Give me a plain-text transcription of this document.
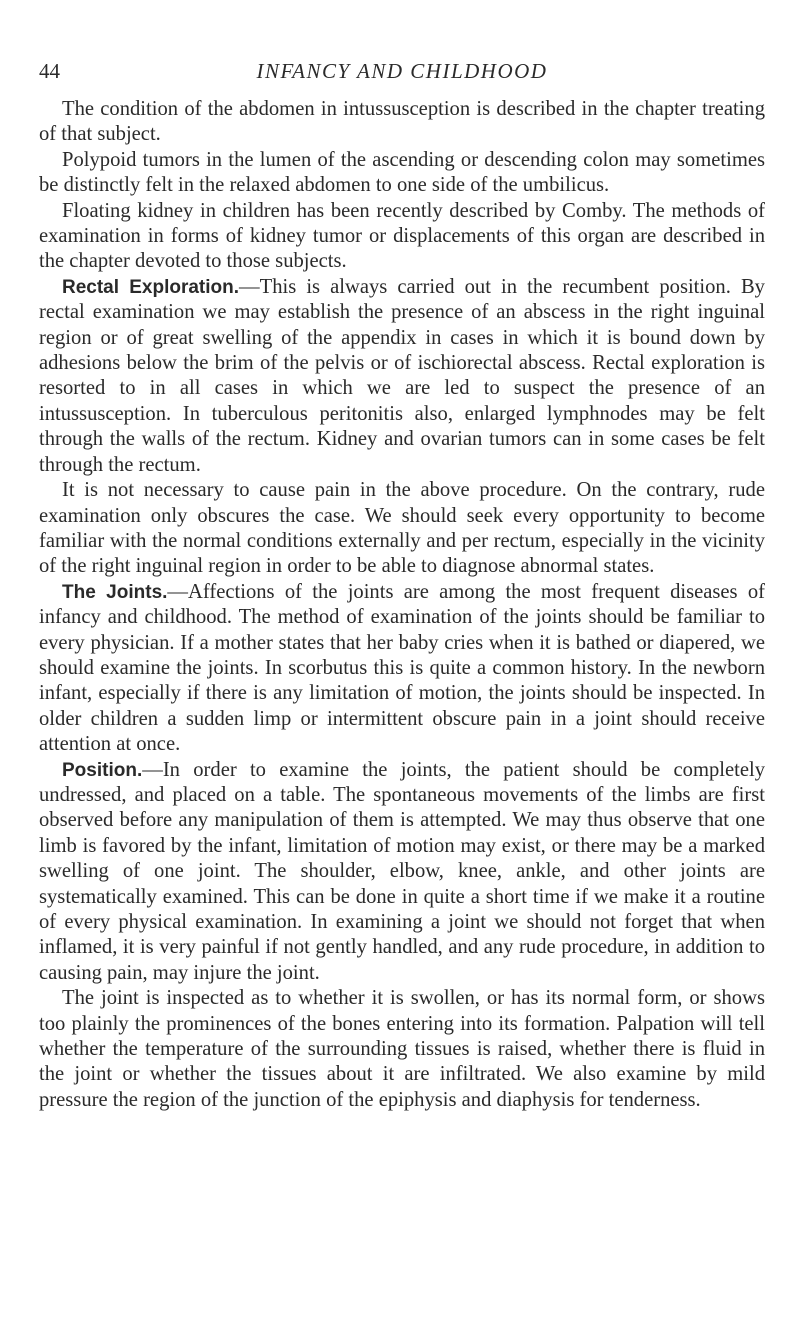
44	INFANCY AND CHILDHOOD

The condition of the abdomen in intussusception is described in the chapter treating of that subject.

Polypoid tumors in the lumen of the ascending or descending colon may sometimes be distinctly felt in the relaxed abdomen to one side of the umbilicus.

Floating kidney in children has been recently described by Comby. The methods of examination in forms of kidney tumor or displacements of this organ are described in the chapter devoted to those subjects.

Rectal Exploration.—This is always carried out in the recumbent position. By rectal examination we may establish the presence of an abscess in the right inguinal region or of great swelling of the appendix in cases in which it is bound down by adhesions below the brim of the pelvis or of ischiorectal abscess. Rectal exploration is resorted to in all cases in which we are led to suspect the presence of an intussusception. In tuberculous peritonitis also, enlarged lymphnodes may be felt through the walls of the rectum. Kidney and ovarian tumors can in some cases be felt through the rectum.

It is not necessary to cause pain in the above procedure. On the contrary, rude examination only obscures the case. We should seek every opportunity to become familiar with the normal conditions externally and per rectum, especially in the vicinity of the right inguinal region in order to be able to diagnose abnormal states.

The Joints.—Affections of the joints are among the most frequent diseases of infancy and childhood. The method of examination of the joints should be familiar to every physician. If a mother states that her baby cries when it is bathed or diapered, we should examine the joints. In scorbutus this is quite a common history. In the newborn infant, especially if there is any limitation of motion, the joints should be inspected. In older children a sudden limp or intermittent obscure pain in a joint should receive attention at once.

Position.—In order to examine the joints, the patient should be completely undressed, and placed on a table. The spontaneous movements of the limbs are first observed before any manipulation of them is attempted. We may thus observe that one limb is favored by the infant, limitation of motion may exist, or there may be a marked swelling of one joint. The shoulder, elbow, knee, ankle, and other joints are systematically examined. This can be done in quite a short time if we make it a routine of every physical examination. In examining a joint we should not forget that when inflamed, it is very painful if not gently handled, and any rude procedure, in addition to causing pain, may injure the joint.

The joint is inspected as to whether it is swollen, or has its normal form, or shows too plainly the prominences of the bones entering into its formation. Palpation will tell whether the temperature of the surrounding tissues is raised, whether there is fluid in the joint or whether the tissues about it are infiltrated. We also examine by mild pressure the region of the junction of the epiphysis and diaphysis for tenderness.
